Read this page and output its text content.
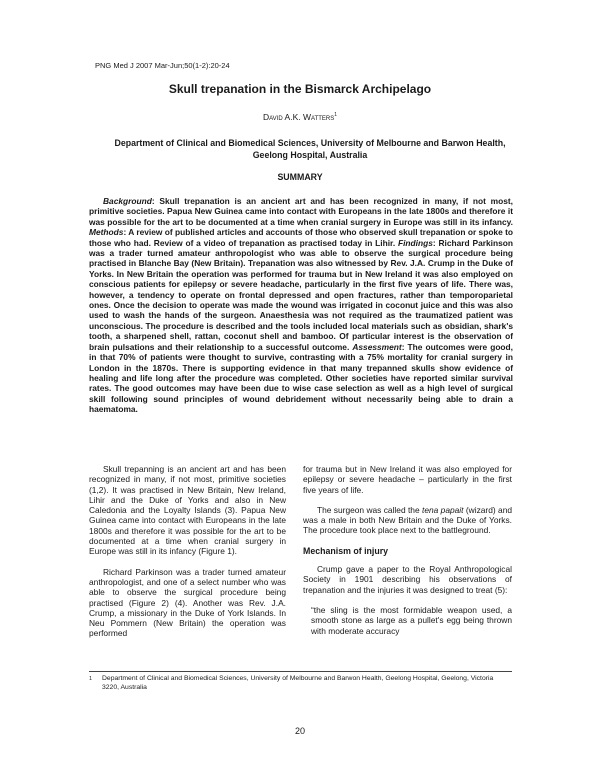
PNG Med J 2007 Mar-Jun;50(1-2):20-24
Skull trepanation in the Bismarck Archipelago
David A.K. Watters$^1$
Department of Clinical and Biomedical Sciences, University of Melbourne and Barwon Health, Geelong Hospital, Australia
SUMMARY

Background: Skull trepanation is an ancient art and has been recognized in many, if not most, primitive societies. Papua New Guinea came into contact with Europeans in the late 1800s and therefore it was possible for the art to be documented at a time when cranial surgery in Europe was still in its infancy. Methods: A review of published articles and accounts of those who observed skull trepanation or spoke to those who had. Review of a video of trepanation as practised today in Lihir. Findings: Richard Parkinson was a trader turned amateur anthropologist who was able to observe the surgical procedure being practised in Blanche Bay (New Britain). Trepanation was also witnessed by Rev. J.A. Crump in the Duke of Yorks. In New Britain the operation was performed for trauma but in New Ireland it was also employed on conscious patients for epilepsy or severe headache, particularly in the first five years of life. There was, however, a tendency to operate on frontal depressed and open fractures, rather than temporoparietal ones. Once the decision to operate was made the wound was irrigated in coconut juice and this was also used to wash the hands of the surgeon. Anaesthesia was not required as the traumatized patient was unconscious. The procedure is described and the tools included local materials such as obsidian, shark's tooth, a sharpened shell, rattan, coconut shell and bamboo. Of particular interest is the observation of brain pulsations and their relationship to a successful outcome. Assessment: The outcomes were good, in that 70% of patients were thought to survive, contrasting with a 75% mortality for cranial surgery in London in the 1870s. There is supporting evidence in that many trepanned skulls show evidence of healing and life long after the procedure was completed. Other societies have reported similar survival rates. The good outcomes may have been due to wise case selection as well as a high level of surgical skill following sound principles of wound debridement without necessarily being able to drain a haematoma.

Skull trepanning is an ancient art and has been recognized in many, if not most, primitive societies (1,2). It was practised in New Britain, New Ireland, Lihir and the Duke of Yorks and also in New Caledonia and the Loyalty Islands (3). Papua New Guinea came into contact with Europeans in the late 1800s and therefore it was possible for the art to be documented at a time when cranial surgery in Europe was still in its infancy (Figure 1).

Richard Parkinson was a trader turned amateur anthropologist, and one of a select number who was able to observe the surgical procedure being practised (Figure 2) (4). Another was Rev. J.A. Crump, a missionary in the Duke of York Islands. In Neu Pommern (New Britain) the operation was performed

for trauma but in New Ireland it was also employed for epilepsy or severe headache – particularly in the first five years of life.

The surgeon was called the tena papait (wizard) and was a male in both New Britain and the Duke of Yorks. The procedure took place next to the battleground.

Mechanism of injury

Crump gave a paper to the Royal Anthropological Society in 1901 describing his observations of trepanation and the injuries it was designed to treat (5):

“the sling is the most formidable weapon used, a smooth stone as large as a pullet's egg being thrown with moderate accuracy

1 Department of Clinical and Biomedical Sciences, University of Melbourne and Barwon Health, Geelong Hospital, Geelong, Victoria 3220, Australia
20
